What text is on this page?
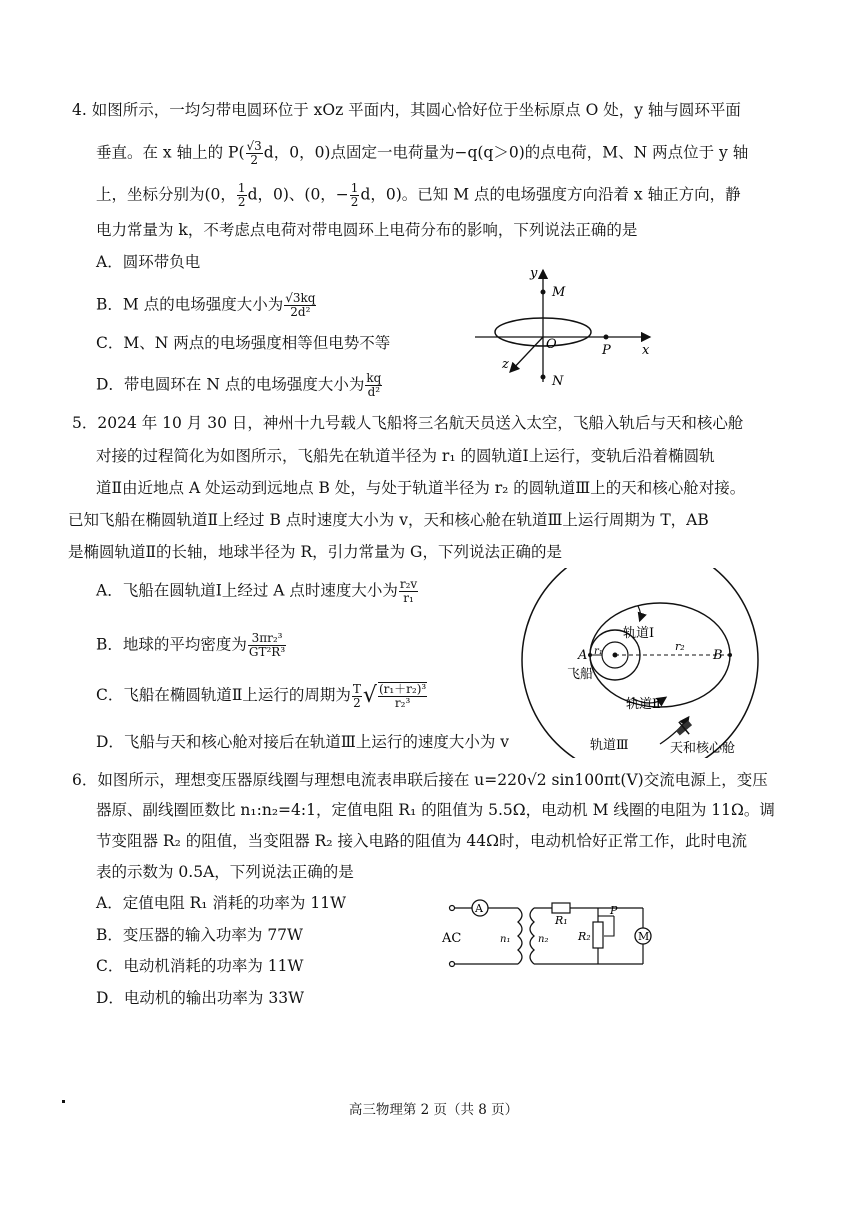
4. 如图所示，一均匀带电圆环位于 xOz 平面内，其圆心恰好位于坐标原点 O 处，y 轴与圆环平面
垂直。在 x 轴上的 $P( \frac{√3}{2}$ d，0，0)点固定一电荷量为−q(q＞0)的点电荷，M、N 两点位于 y 轴
上，坐标分别为(0， $\frac{1}{2}$ d，0)、(0，− $\frac{1}{2}$ d，0)。已知 M 点的电场强度方向沿着 x 轴正方向，静
电力常量为 k，不考虑点电荷对带电圆环上电荷分布的影响，下列说法正确的是
A．圆环带负电
B．M 点的电场强度大小为 $\frac{√3kq}{\text{2d²}}$
C．M、N 两点的电场强度相等但电势不等
D．带电圆环在 N 点的电场强度大小为 $\frac{kq}{\text{d²}}$
y
M
O	P x
z
N
5．2024 年 10 月 30 日，神州十九号载人飞船将三名航天员送入太空，飞船入轨后与天和核心舱
对接的过程简化为如图所示，飞船先在轨道半径为 r₁ 的圆轨道Ⅰ上运行，变轨后沿着椭圆轨
道Ⅱ由近地点 A 处运动到远地点 B 处，与处于轨道半径为 r₂ 的圆轨道Ⅲ上的天和核心舱对接。
已知飞船在椭圆轨道Ⅱ上经过 B 点时速度大小为 v，天和核心舱在轨道Ⅲ上运行周期为 T，AB
是椭圆轨道Ⅱ的长轴，地球半径为 R，引力常量为 G，下列说法正确的是
A．飞船在圆轨道Ⅰ上经过 A 点时速度大小为 $\frac{\text{r₂v}}{\text{r₁}}$
B．地球的平均密度为 $\frac{\text{3πr₂³}}{\text{GT²R³}}$
C．飞船在椭圆轨道Ⅱ上运行的周期为 $\frac{T}{2}$ √ $\frac{\text{(r₁＋r₂)³}}{\text{r₂³}}$
D．飞船与天和核心舱对接后在轨道Ⅲ上运行的速度大小为 v
轨道Ⅰ
轨道Ⅱ
轨道Ⅲ
A	B
r₁	r₂
飞船
天和核心舱
6．如图所示，理想变压器原线圈与理想电流表串联后接在 u=220√2 sin100πt(V)交流电源上，变压
器原、副线圈匝数比 n₁:n₂=4:1，定值电阻 R₁ 的阻值为 5.5Ω，电动机 M 线圈的电阻为 11Ω。调
节变阻器 R₂ 的阻值，当变阻器 R₂ 接入电路的阻值为 44Ω时，电动机恰好正常工作，此时电流
表的示数为 0.5A，下列说法正确的是
A．定值电阻 R₁ 消耗的功率为 11W
B．变压器的输入功率为 77W
C．电动机消耗的功率为 11W
D．电动机的输出功率为 33W
A
M
AC	n₁	n₂
R₁
R₂
P
高三物理第 2 页（共 8 页）
